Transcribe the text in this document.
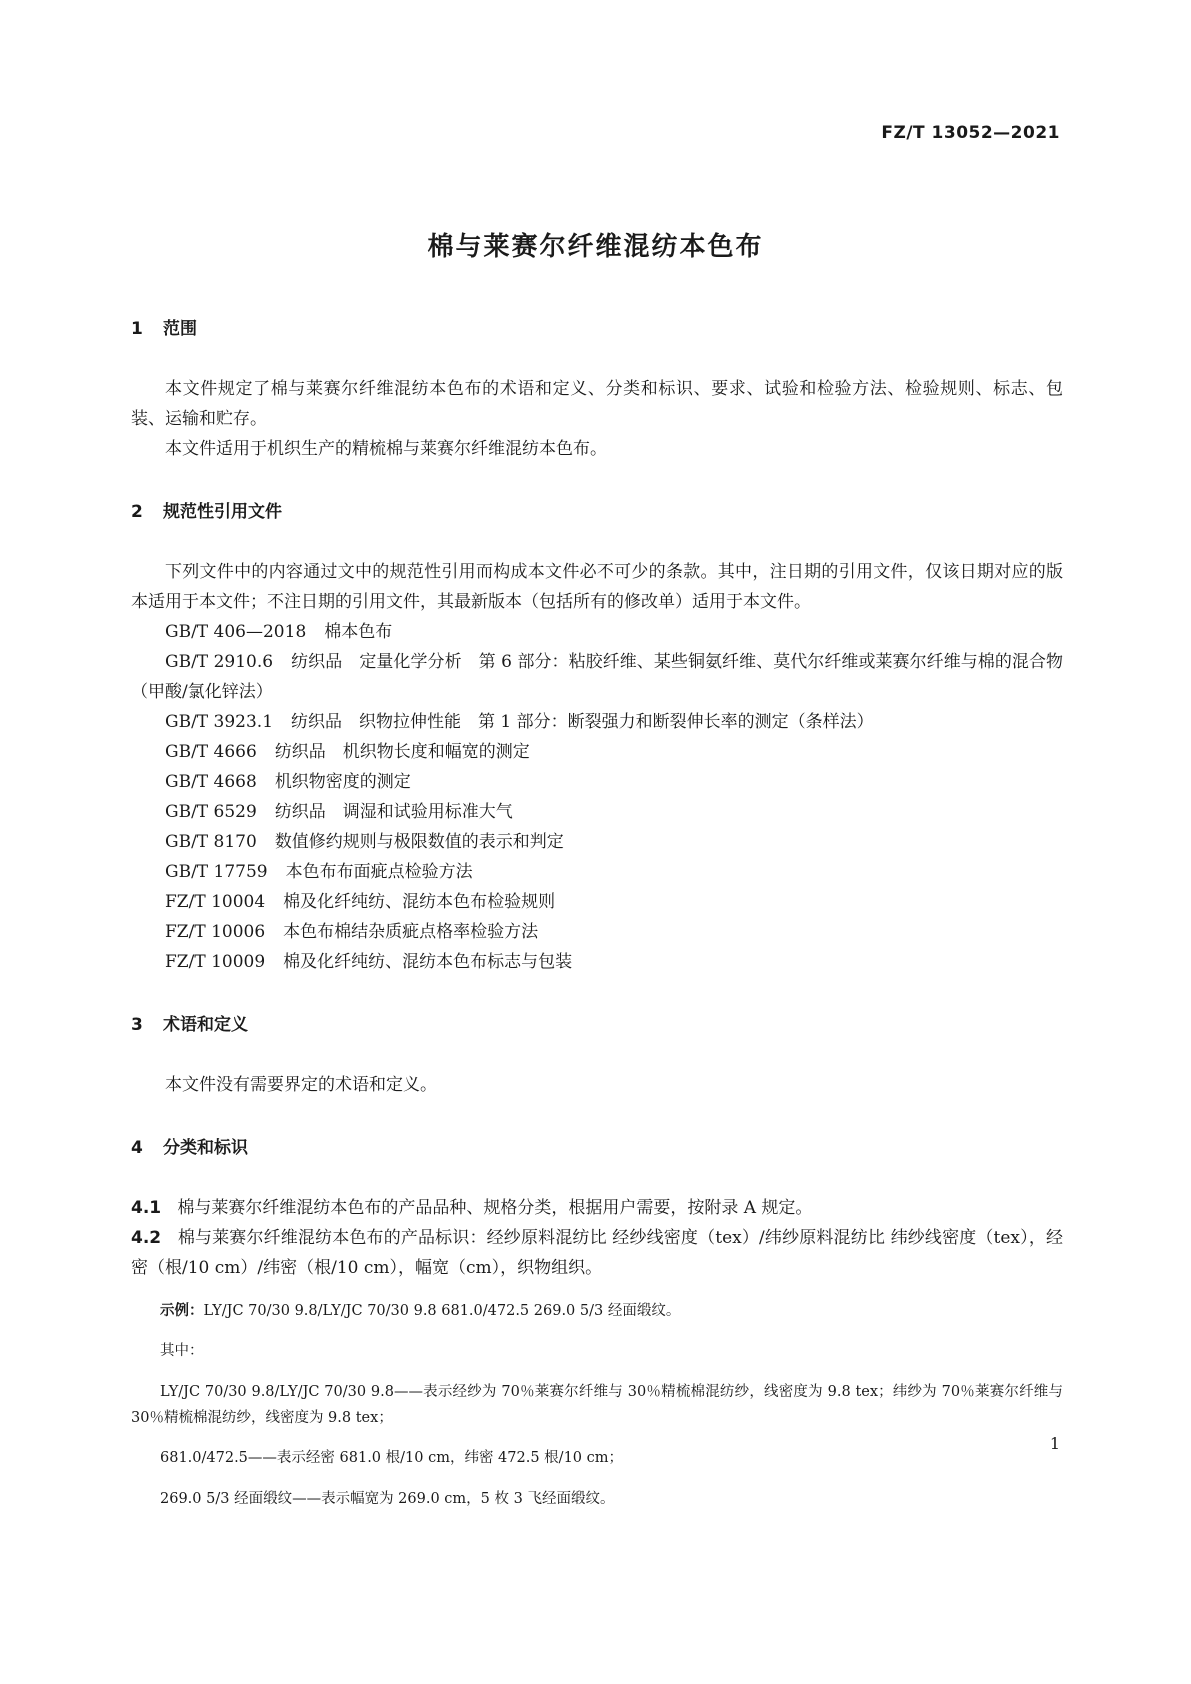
FZ/T 13052—2021
棉与莱赛尔纤维混纺本色布
1	范围

本文件规定了棉与莱赛尔纤维混纺本色布的术语和定义、分类和标识、要求、试验和检验方法、检验规则、标志、包装、运输和贮存。

本文件适用于机织生产的精梳棉与莱赛尔纤维混纺本色布。

2	规范性引用文件

下列文件中的内容通过文中的规范性引用而构成本文件必不可少的条款。其中，注日期的引用文件，仅该日期对应的版本适用于本文件；不注日期的引用文件，其最新版本（包括所有的修改单）适用于本文件。

GB/T 406—2018 棉本色布

GB/T 2910.6 纺织品　定量化学分析　第 6 部分：粘胶纤维、某些铜氨纤维、莫代尔纤维或莱赛尔纤维与棉的混合物（甲酸/氯化锌法）

GB/T 3923.1 纺织品　织物拉伸性能　第 1 部分：断裂强力和断裂伸长率的测定（条样法）

GB/T 4666 纺织品　机织物长度和幅宽的测定

GB/T 4668 机织物密度的测定

GB/T 6529 纺织品　调湿和试验用标准大气

GB/T 8170 数值修约规则与极限数值的表示和判定

GB/T 17759 本色布布面疵点检验方法

FZ/T 10004 棉及化纤纯纺、混纺本色布检验规则

FZ/T 10006 本色布棉结杂质疵点格率检验方法

FZ/T 10009 棉及化纤纯纺、混纺本色布标志与包装

3	术语和定义

本文件没有需要界定的术语和定义。

4	分类和标识

4.1 棉与莱赛尔纤维混纺本色布的产品品种、规格分类，根据用户需要，按附录 A 规定。

4.2 棉与莱赛尔纤维混纺本色布的产品标识：经纱原料混纺比 经纱线密度（tex）/纬纱原料混纺比 纬纱线密度（tex），经密（根/10 cm）/纬密（根/10 cm），幅宽（cm），织物组织。

示例：LY/JC 70/30 9.8/LY/JC 70/30 9.8 681.0/472.5 269.0 5/3 经面缎纹。

其中：

LY/JC 70/30 9.8/LY/JC 70/30 9.8——表示经纱为 70％莱赛尔纤维与 30％精梳棉混纺纱，线密度为 9.8 tex；纬纱为 70％莱赛尔纤维与 30％精梳棉混纺纱，线密度为 9.8 tex；

681.0/472.5——表示经密 681.0 根/10 cm，纬密 472.5 根/10 cm；

269.0 5/3 经面缎纹——表示幅宽为 269.0 cm，5 枚 3 飞经面缎纹。

1
